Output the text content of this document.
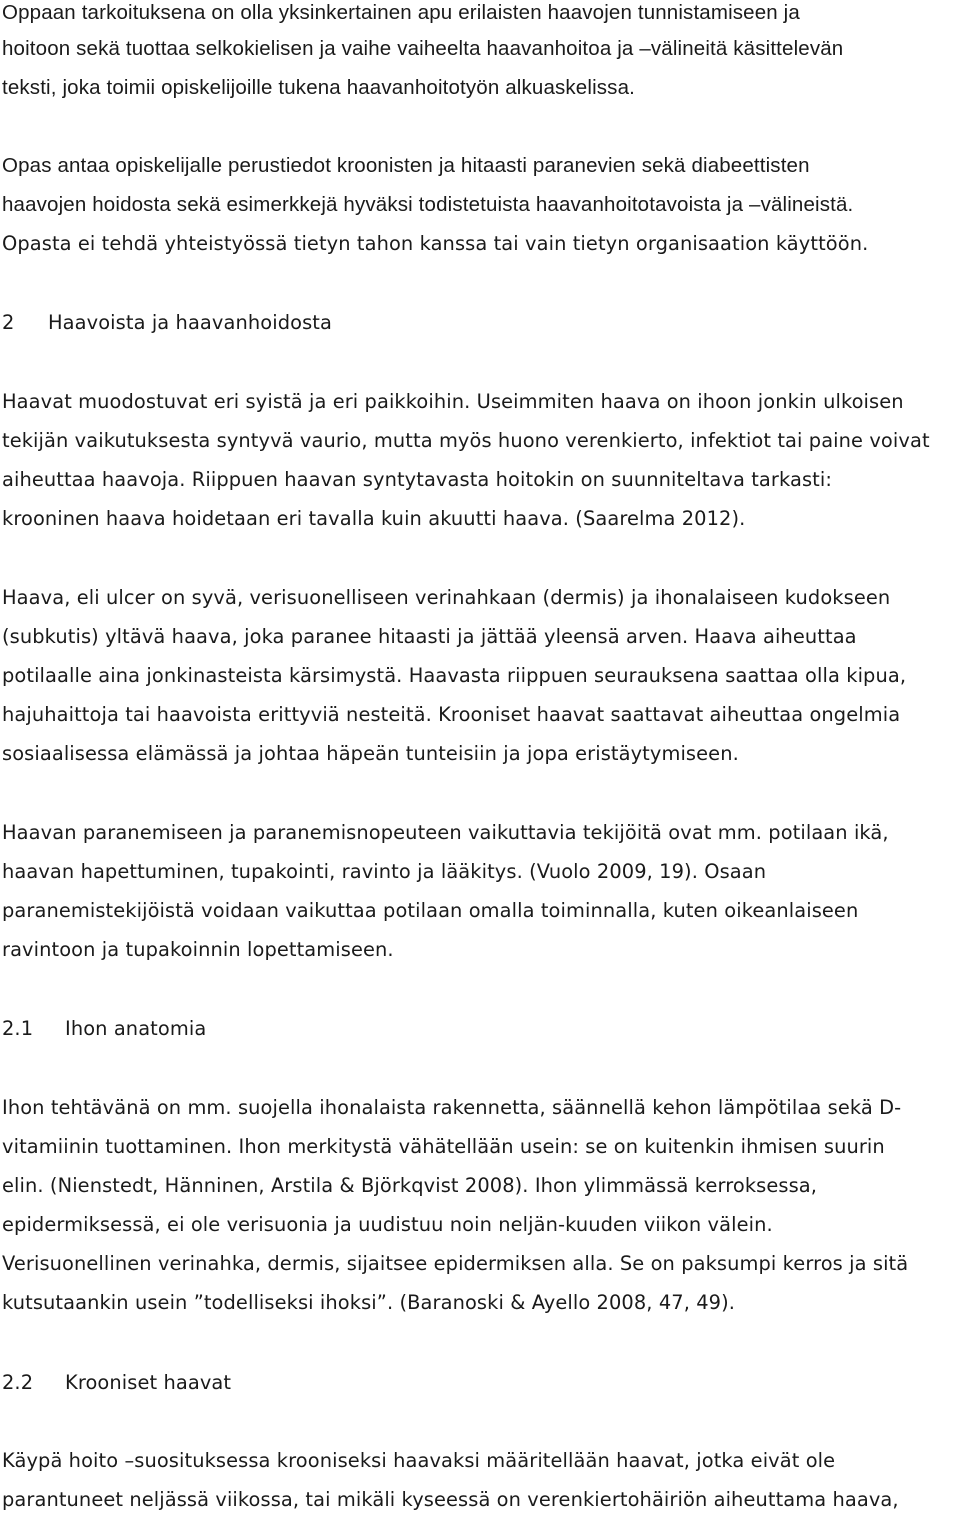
Oppaan tarkoituksena on olla yksinkertainen apu erilaisten haavojen tunnistamiseen ja
hoitoon sekä tuottaa selkokielisen ja vaihe vaiheelta haavanhoitoa ja –välineitä käsittelevän
teksti, joka toimii opiskelijoille tukena haavanhoitotyön alkuaskelissa.
Opas antaa opiskelijalle perustiedot kroonisten ja hitaasti paranevien sekä diabeettisten
haavojen hoidosta sekä esimerkkejä hyväksi todistetuista haavanhoitotavoista ja –välineistä.
Opasta ei tehdä yhteistyössä tietyn tahon kanssa tai vain tietyn organisaation käyttöön.
2 Haavoista ja haavanhoidosta
Haavat muodostuvat eri syistä ja eri paikkoihin. Useimmiten haava on ihoon jonkin ulkoisen
tekijän vaikutuksesta syntyvä vaurio, mutta myös huono verenkierto, infektiot tai paine voivat
aiheuttaa haavoja. Riippuen haavan syntytavasta hoitokin on suunniteltava tarkasti:
krooninen haava hoidetaan eri tavalla kuin akuutti haava. (Saarelma 2012).
Haava, eli ulcer on syvä, verisuonelliseen verinahkaan (dermis) ja ihonalaiseen kudokseen
(subkutis) yltävä haava, joka paranee hitaasti ja jättää yleensä arven. Haava aiheuttaa
potilaalle aina jonkinasteista kärsimystä. Haavasta riippuen seurauksena saattaa olla kipua,
hajuhaittoja tai haavoista erittyviä nesteitä. Krooniset haavat saattavat aiheuttaa ongelmia
sosiaalisessa elämässä ja johtaa häpeän tunteisiin ja jopa eristäytymiseen.
Haavan paranemiseen ja paranemisnopeuteen vaikuttavia tekijöitä ovat mm. potilaan ikä,
haavan hapettuminen, tupakointi, ravinto ja lääkitys. (Vuolo 2009, 19). Osaan
paranemistekijöistä voidaan vaikuttaa potilaan omalla toiminnalla, kuten oikeanlaiseen
ravintoon ja tupakoinnin lopettamiseen.
2.1 Ihon anatomia
Ihon tehtävänä on mm. suojella ihonalaista rakennetta, säännellä kehon lämpötilaa sekä D-
vitamiinin tuottaminen. Ihon merkitystä vähätellään usein: se on kuitenkin ihmisen suurin
elin. (Nienstedt, Hänninen, Arstila & Björkqvist 2008). Ihon ylimmässä kerroksessa,
epidermiksessä, ei ole verisuonia ja uudistuu noin neljän-kuuden viikon välein.
Verisuonellinen verinahka, dermis, sijaitsee epidermiksen alla. Se on paksumpi kerros ja sitä
kutsutaankin usein ”todelliseksi ihoksi”. (Baranoski & Ayello 2008, 47, 49).
2.2 Krooniset haavat
Käypä hoito –suosituksessa krooniseksi haavaksi määritellään haavat, jotka eivät ole
parantuneet neljässä viikossa, tai mikäli kyseessä on verenkiertohäiriön aiheuttama haava,
